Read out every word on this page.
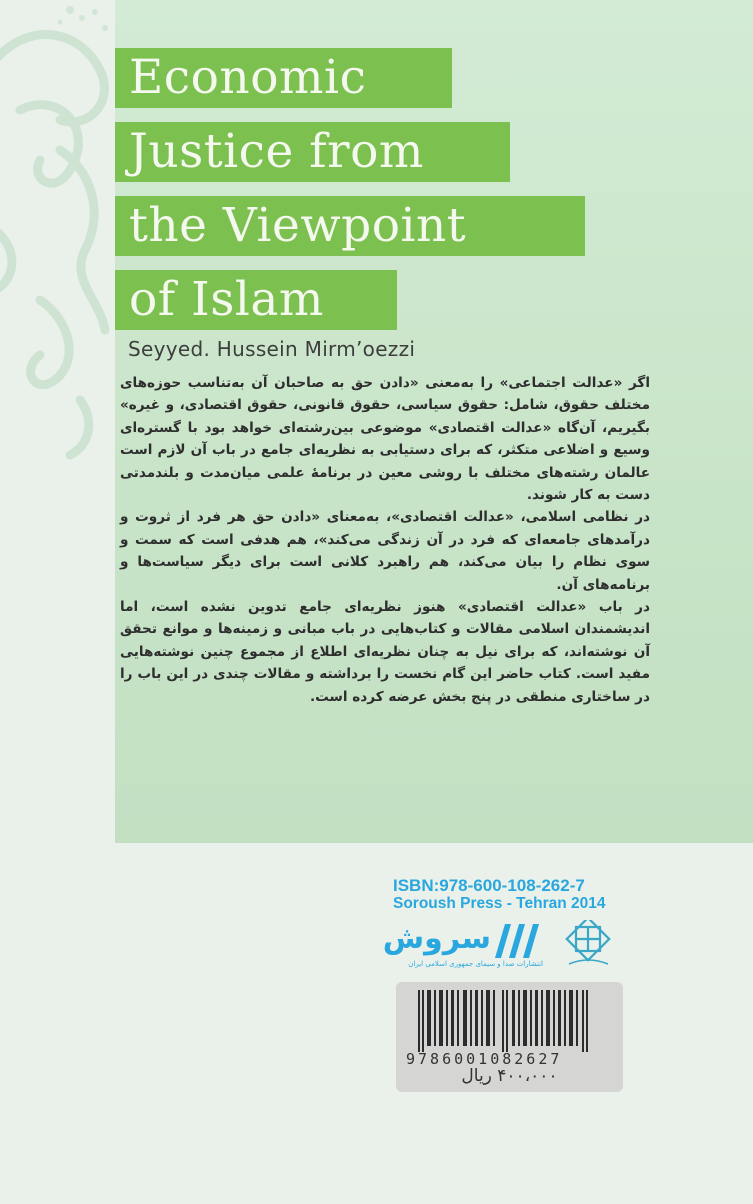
Economic
Justice from
the Viewpoint
of Islam
Seyyed. Hussein Mirm’oezzi

اگر «عدالت اجتماعی» را به‌معنی «دادن حق به صاحبان آن به‌تناسب حوزه‌های مختلف حقوق، شامل: حقوق سیاسی، حقوق قانونی، حقوق اقتصادی، و غیره» بگیریم، آن‌گاه «عدالت اقتصادی» موضوعی بین‌رشته‌ای خواهد بود با گستره‌ای وسیع و اضلاعی متکثر، که برای دستیابی به نظریه‌ای جامع در باب آن لازم است عالمان رشته‌های مختلف با روشی معین در برنامهٔ علمی میان‌مدت و بلندمدتی دست به کار شوند.

در نظامی اسلامی، «عدالت اقتصادی»، به‌معنای «دادن حق هر فرد از ثروت و درآمدهای جامعه‌ای که فرد در آن زندگی می‌کند»، هم هدفی است که سمت و سوی نظام را بیان می‌کند، هم راهبرد کلانی است برای دیگر سیاست‌ها و برنامه‌های آن.

در باب «عدالت اقتصادی» هنوز نظریه‌ای جامع تدوین نشده است، اما اندیشمندان اسلامی مقالات و کتاب‌هایی در باب مبانی و زمینه‌ها و موانع تحقق آن نوشته‌اند، که برای نیل به چنان نظریه‌ای اطلاع از مجموع چنین نوشته‌هایی مفید است. کتاب حاضر این گام نخست را برداشته و مقالات چندی در این باب را در ساختاری منطقی در پنج بخش عرضه کرده است.

ISBN:978-600-108-262-7
Soroush Press - Tehran 2014
سروش
انتشارات صدا و سیمای جمهوری اسلامی ایران
9786001082627
۴۰۰،۰۰۰ ریال
